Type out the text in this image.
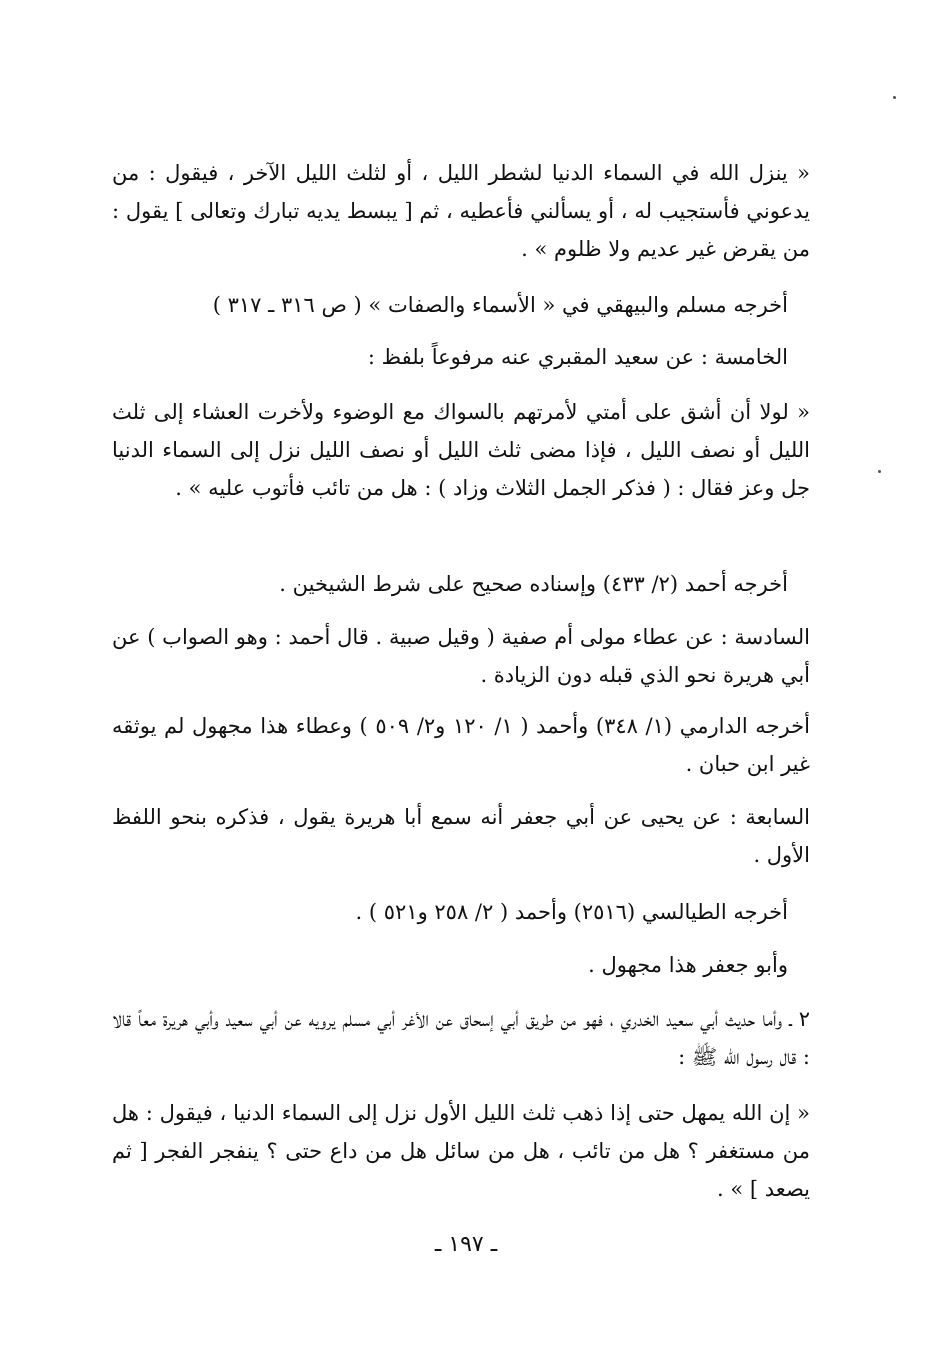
« ينزل الله في السماء الدنيا لشطر الليل ، أو لثلث الليل الآخر ، فيقول : من يدعوني فأستجيب له ، أو يسألني فأعطيه ، ثم [ يبسط يديه تبارك وتعالى ] يقول : من يقرض غير عديم ولا ظلوم » .
أخرجه مسلم والبيهقي في « الأسماء والصفات » ( ص ٣١٦ ـ ٣١٧ )
الخامسة : عن سعيد المقبري عنه مرفوعاً بلفظ :
« لولا أن أشق على أمتي لأمرتهم بالسواك مع الوضوء ولأخرت العشاء إلى ثلث الليل أو نصف الليل ، فإذا مضى ثلث الليل أو نصف الليل نزل إلى السماء الدنيا جل وعز فقال : ( فذكر الجمل الثلاث وزاد ) : هل من تائب فأتوب عليه » .
أخرجه أحمد (٢/ ٤٣٣) وإسناده صحيح على شرط الشيخين .
السادسة : عن عطاء مولى أم صفية ( وقيل صبية . قال أحمد : وهو الصواب ) عن أبي هريرة نحو الذي قبله دون الزيادة .
أخرجه الدارمي (١/ ٣٤٨) وأحمد ( ١/ ١٢٠ و٢/ ٥٠٩ ) وعطاء هذا مجهول لم يوثقه غير ابن حبان .
السابعة : عن يحيى عن أبي جعفر أنه سمع أبا هريرة يقول ، فذكره بنحو اللفظ الأول .
أخرجه الطيالسي (٢٥١٦) وأحمد ( ٢/ ٢٥٨ و٥٢١ ) .
وأبو جعفر هذا مجهول .
٢ ـ وأما حديث أبي سعيد الخدري ، فهو من طريق أبي إسحاق عن الأغر أبي مسلم يرويه عن أبي سعيد وأبي هريرة معاً قالا : قال رسول الله ﷺ :
« إن الله يمهل حتى إذا ذهب ثلث الليل الأول نزل إلى السماء الدنيا ، فيقول : هل من مستغفر ؟ هل من تائب ، هل من سائل هل من داع حتى ؟ ينفجر الفجر [ ثم يصعد ] » .
ـ ١٩٧ ـ
